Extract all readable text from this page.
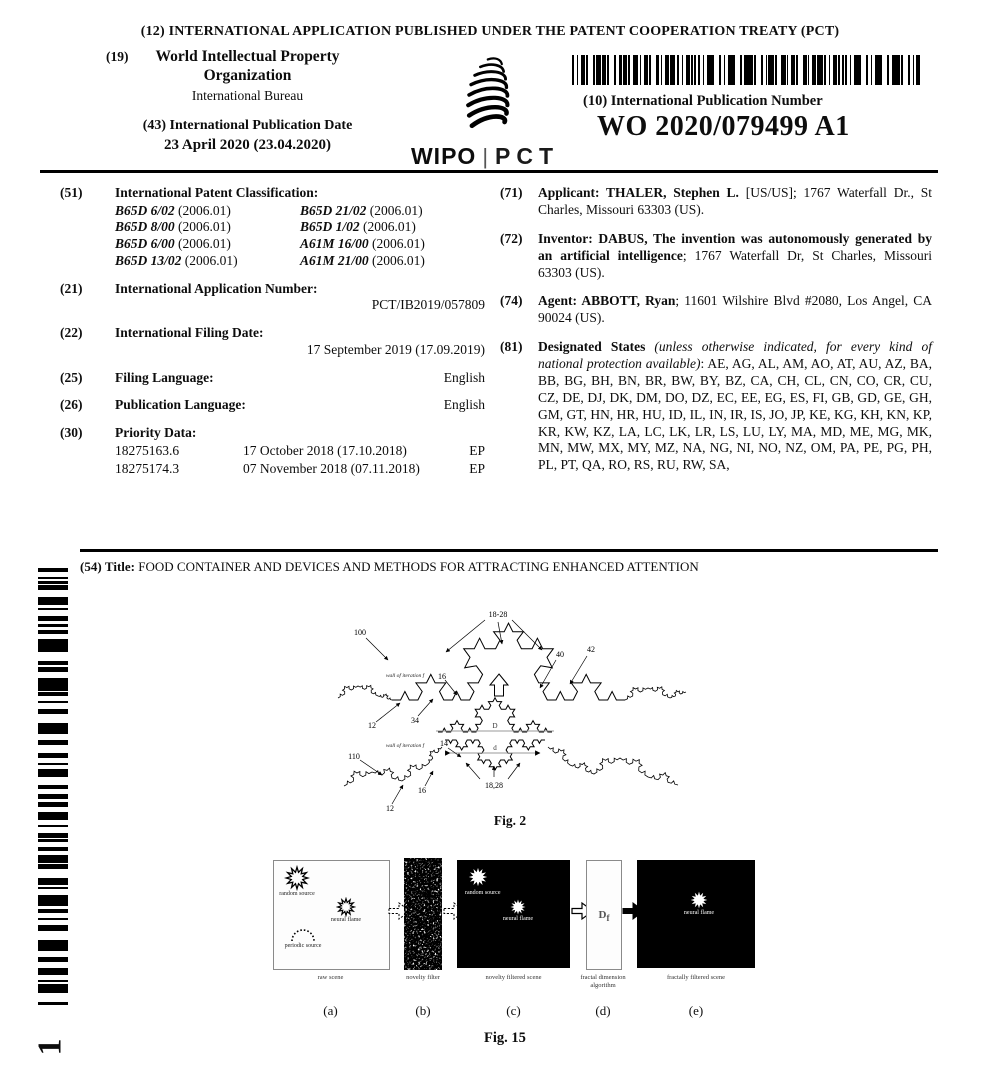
(12) INTERNATIONAL APPLICATION PUBLISHED UNDER THE PATENT COOPERATION TREATY (PCT)
(19)	World Intellectual Property
Organization
International Bureau
(43) International Publication Date
23 April 2020 (23.04.2020)	WIPO | PCT
(10) International Publication Number
WO 2020/079499 A1
(51) International Patent Classification:
B65D 6/02 (2006.01)	B65D 21/02 (2006.01)
B65D 8/00 (2006.01)	B65D 1/02 (2006.01)
B65D 6/00 (2006.01)	A61M 16/00 (2006.01)
B65D 13/02 (2006.01)	A61M 21/00 (2006.01)
(21) International Application Number:
PCT/IB2019/057809
(22) International Filing Date:
17 September 2019 (17.09.2019)
(25) Filing Language:	English
(26) Publication Language:	English
(30) Priority Data:
18275163.6	17 October 2018 (17.10.2018)	EP
18275174.3	07 November 2018 (07.11.2018)	EP
(71) Applicant: THALER, Stephen L. [US/US]; 1767 Waterfall Dr., St Charles, Missouri 63303 (US).
(72) Inventor: DABUS, The invention was autonomously generated by an artificial intelligence; 1767 Waterfall Dr, St Charles, Missouri 63303 (US).
(74) Agent: ABBOTT, Ryan; 11601 Wilshire Blvd #2080, Los Angel, CA 90024 (US).
(81) Designated States (unless otherwise indicated, for every kind of national protection available): AE, AG, AL, AM, AO, AT, AU, AZ, BA, BB, BG, BH, BN, BR, BW, BY, BZ, CA, CH, CL, CN, CO, CR, CU, CZ, DE, DJ, DK, DM, DO, DZ, EC, EE, EG, ES, FI, GB, GD, GE, GH, GM, GT, HN, HR, HU, ID, IL, IN, IR, IS, JO, JP, KE, KG, KH, KN, KP, KR, KW, KZ, LA, LC, LK, LR, LS, LU, LY, MA, MD, ME, MG, MK, MN, MW, MX, MY, MZ, NA, NG, NI, NO, NZ, OM, PA, PE, PG, PH, PL, PT, QA, RO, RS, RU, RW, SA,
(54) Title: FOOD CONTAINER AND DEVICES AND METHODS FOR ATTRACTING ENHANCED ATTENTION
1
100
18-28
40
42
wall of iteration f 16
34
12
110
wall of iteration f 14
16
12
18,28
D
d
Fig. 2
random source
neural flame
periodic source
random source
neural flame	$D_f$
neural flame
raw scene	novelty filter	novelty filtered scene	fractal dimension algorithm
fractally filtered scene
(a)	(b)	(c)	(d)	(e)
Fig. 15
